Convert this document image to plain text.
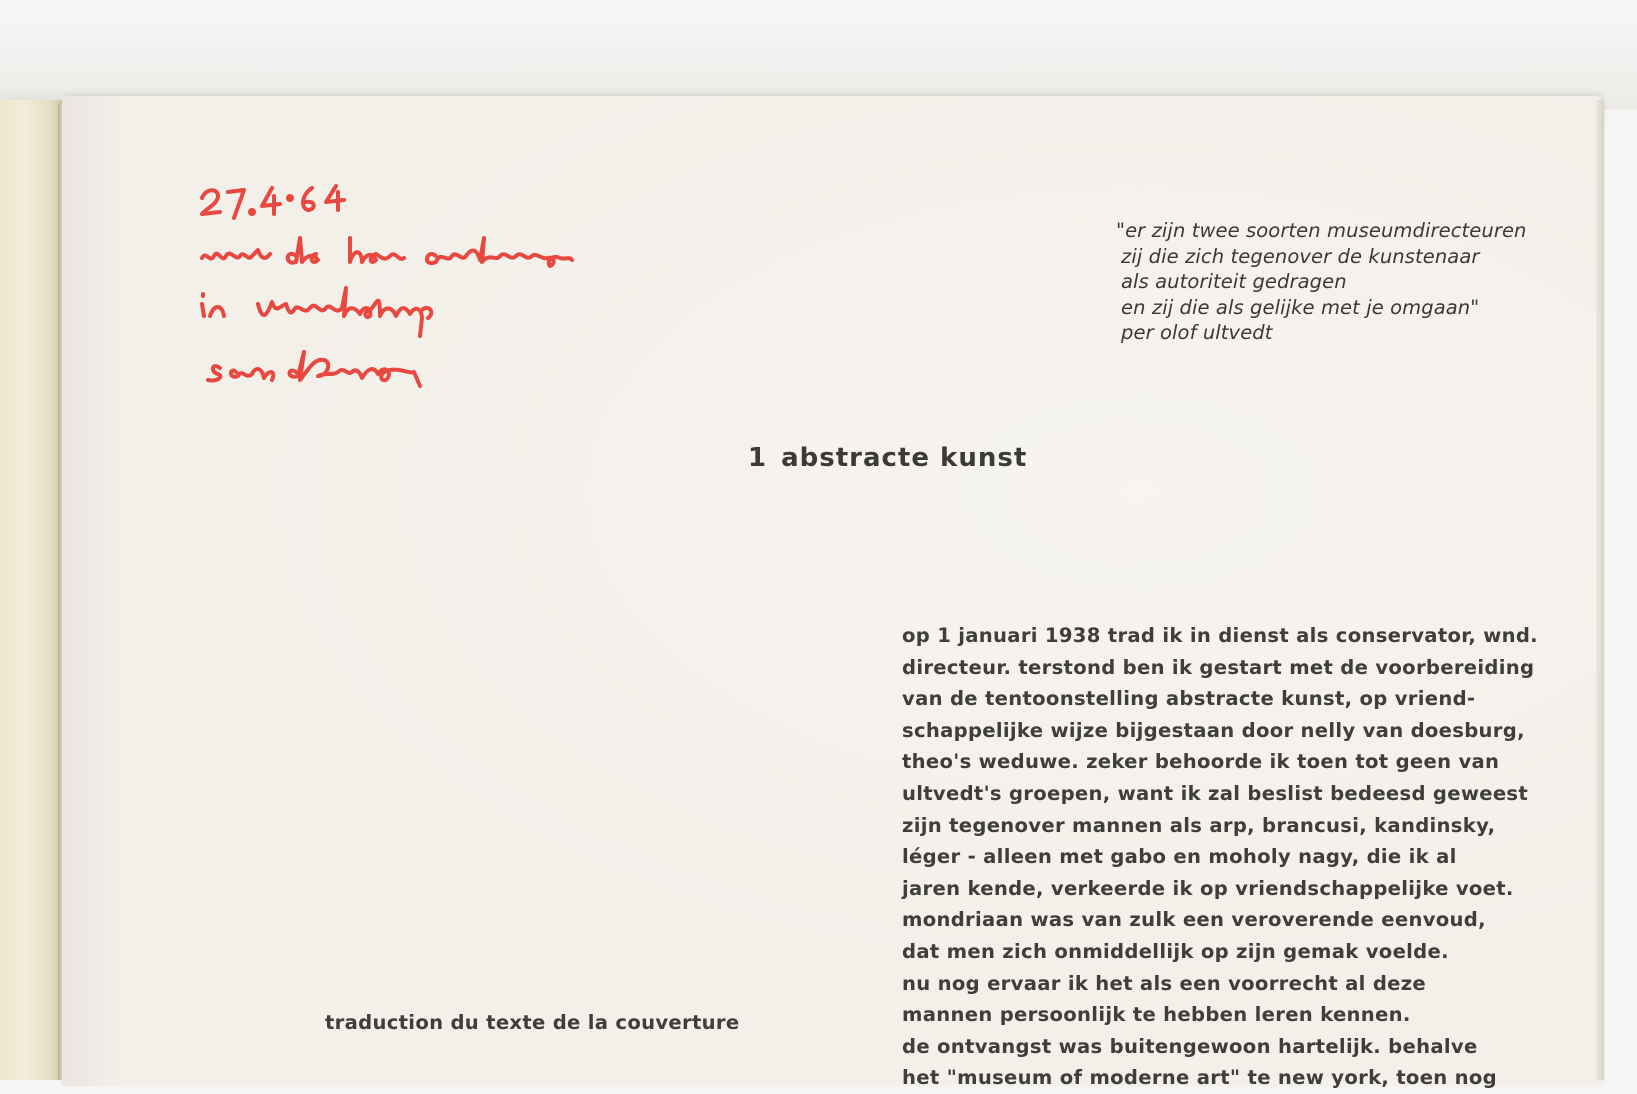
"er zijn twee soorten museumdirecteuren
zij die zich tegenover de kunstenaar
als autoriteit gedragen
en zij die als gelijke met je omgaan"
per olof ultvedt
1 abstracte kunst
op 1 januari 1938 trad ik in dienst als conservator, wnd.
directeur. terstond ben ik gestart met de voorbereiding
van de tentoonstelling abstracte kunst, op vriend-
schappelijke wijze bijgestaan door nelly van doesburg,
theo's weduwe. zeker behoorde ik toen tot geen van
ultvedt's groepen, want ik zal beslist bedeesd geweest
zijn tegenover mannen als arp, brancusi, kandinsky,
léger - alleen met gabo en moholy nagy, die ik al
jaren kende, verkeerde ik op vriendschappelijke voet.
mondriaan was van zulk een veroverende eenvoud,
dat men zich onmiddellijk op zijn gemak voelde.
nu nog ervaar ik het als een voorrecht al deze
mannen persoonlijk te hebben leren kennen.
de ontvangst was buitengewoon hartelijk. behalve
het "museum of moderne art" te new york, toen nog
traduction du texte de la couverture
